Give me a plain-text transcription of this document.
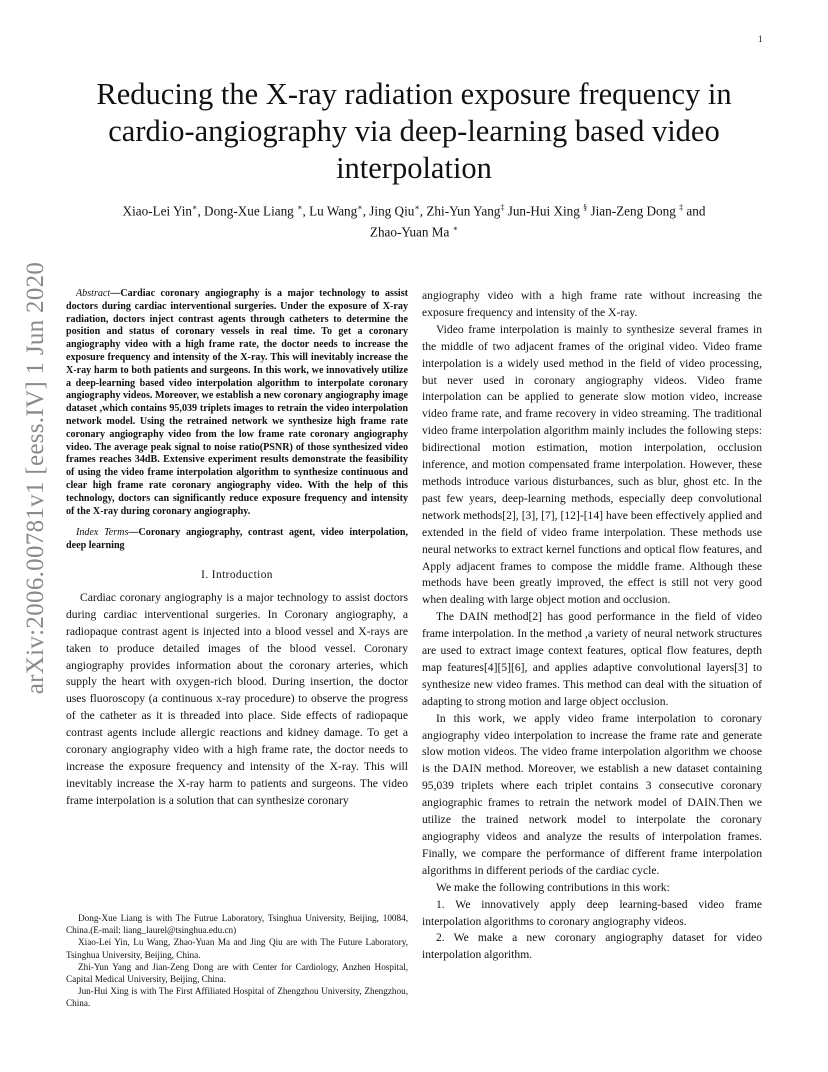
1
arXiv:2006.00781v1 [eess.IV] 1 Jun 2020
Reducing the X-ray radiation exposure frequency in cardio-angiography via deep-learning based video interpolation
Xiao-Lei Yin∗, Dong-Xue Liang ∗, Lu Wang∗, Jing Qiu∗, Zhi-Yun Yang‡ Jun-Hui Xing § Jian-Zeng Dong ‡ and
Zhao-Yuan Ma ∗

Abstract—Cardiac coronary angiography is a major technology to assist doctors during cardiac interventional surgeries. Under the exposure of X-ray radiation, doctors inject contrast agents through catheters to determine the position and status of coronary vessels in real time. To get a coronary angiography video with a high frame rate, the doctor needs to increase the exposure frequency and intensity of the X-ray. This will inevitably increase the X-ray harm to both patients and surgeons. In this work, we innovatively utilize a deep-learning based video interpolation algorithm to interpolate coronary angiography videos. Moreover, we establish a new coronary angiography image dataset ,which contains 95,039 triplets images to retrain the video interpolation network model. Using the retrained network we synthesize high frame rate coronary angiography video from the low frame rate coronary angiography video. The average peak signal to noise ratio(PSNR) of those synthesized video frames reaches 34dB. Extensive experiment results demonstrate the feasibility of using the video frame interpolation algorithm to synthesize continuous and clear high frame rate coronary angiography video. With the help of this technology, doctors can significantly reduce exposure frequency and intensity of the X-ray during coronary angiography.

Index Terms—Coronary angiography, contrast agent, video interpolation, deep learning

I. Introduction

Cardiac coronary angiography is a major technology to assist doctors during cardiac interventional surgeries. In Coronary angiography, a radiopaque contrast agent is injected into a blood vessel and X-rays are taken to produce detailed images of the blood vessel. Coronary angiography provides information about the coronary arteries, which supply the heart with oxygen-rich blood. During insertion, the doctor uses fluoroscopy (a continuous x-ray procedure) to observe the progress of the catheter as it is threaded into place. Side effects of radiopaque contrast agents include allergic reactions and kidney damage. To get a coronary angiography video with a high frame rate, the doctor needs to increase the exposure frequency and intensity of the X-ray. This will inevitably increase the X-ray harm to patients and surgeons. The video frame interpolation is a solution that can synthesize coronary

Dong-Xue Liang is with The Futrue Laboratory, Tsinghua University, Beijing, 10084, China.(E-mail: liang_laurel@tsinghua.edu.cn)

Xiao-Lei Yin, Lu Wang, Zhao-Yuan Ma and Jing Qiu are with The Future Laboratory, Tsinghua University, Beijing, China.

Zhi-Yun Yang and Jian-Zeng Dong are with Center for Cardiology, Anzhen Hospital, Capital Medical University, Beijing, China.

Jun-Hui Xing is with The First Affiliated Hospital of Zhengzhou University, Zhengzhou, China.

angiography video with a high frame rate without increasing the exposure frequency and intensity of the X-ray.

Video frame interpolation is mainly to synthesize several frames in the middle of two adjacent frames of the original video. Video frame interpolation is a widely used method in the field of video processing, but never used in coronary angiography videos. Video frame interpolation can be applied to generate slow motion video, increase video frame rate, and frame recovery in video streaming. The traditional video frame interpolation algorithm mainly includes the following steps: bidirectional motion estimation, motion interpolation, occlusion inference, and motion compensated frame interpolation. However, these methods introduce various disturbances, such as blur, ghost etc. In the past few years, deep-learning methods, especially deep convolutional network methods[2], [3], [7], [12]-[14] have been effectively applied and extended in the field of video frame interpolation. These methods use neural networks to extract kernel functions and optical flow features, and Apply adjacent frames to compose the middle frame. Although these methods have been greatly improved, the effect is still not very good when dealing with large object motion and occlusion.

The DAIN method[2] has good performance in the field of video frame interpolation. In the method ,a variety of neural network structures are used to extract image context features, optical flow features, depth map features[4][5][6], and applies adaptive convolutional layers[3] to synthesize new video frames. This method can deal with the situation of adapting to strong motion and large object occlusion.

In this work, we apply video frame interpolation to coronary angiography video interpolation to increase the frame rate and generate slow motion videos. The video frame interpolation algorithm we choose is the DAIN method. Moreover, we establish a new dataset containing 95,039 triplets where each triplet contains 3 consecutive coronary angiographic frames to retrain the network model of DAIN.Then we utilize the trained network model to interpolate the coronary angiography videos and analyze the results of interpolation frames. Finally, we compare the performance of different frame interpolation algorithms in different periods of the cardiac cycle.

We make the following contributions in this work:

1. We innovatively apply deep learning-based video frame interpolation algorithms to coronary angiography videos.

2. We make a new coronary angiography dataset for video interpolation algorithm.
